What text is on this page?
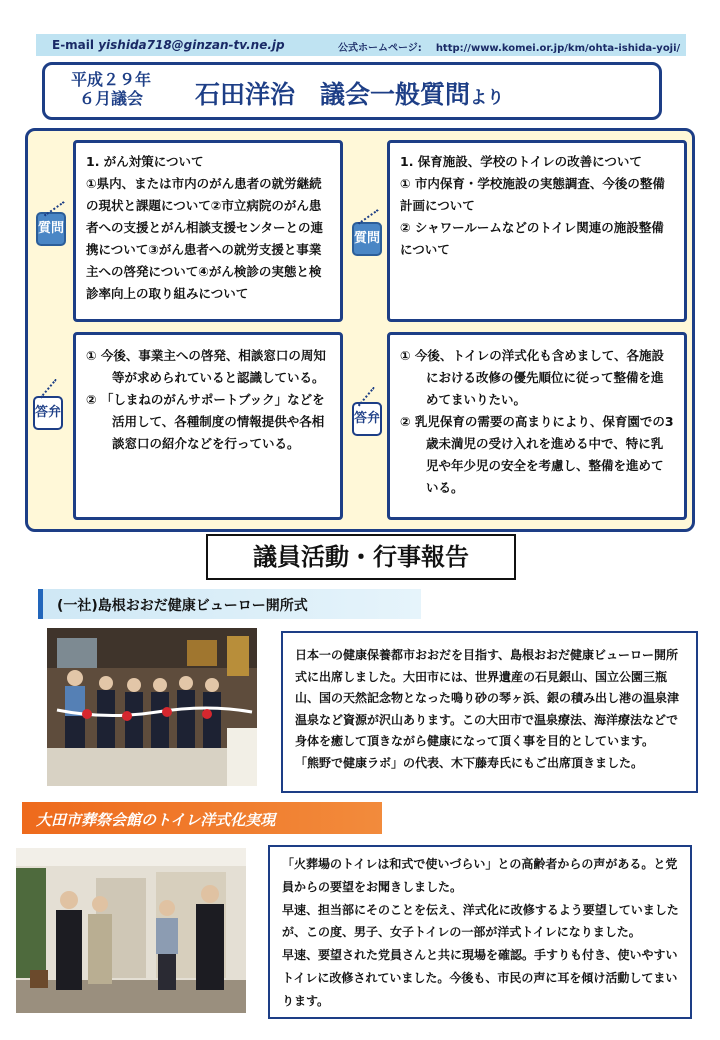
E-mail yishida718@ginzan-tv.ne.jp	公式ホームページ: http://www.komei.or.jp/km/ohta-ishida-yoji/
平成２９年
６月議会	石田洋治　議会一般質問より
質問
質問
答弁	答弁

1. がん対策について

①県内、または市内のがん患者の就労継続の現状と課題について②市立病院のがん患者への支援とがん相談支援センターとの連携について③がん患者への就労支援と事業主への啓発について④がん検診の実態と検診率向上の取り組みについて

1. 保育施設、学校のトイレの改善について

① 市内保育・学校施設の実態調査、今後の整備計画について

② シャワールームなどのトイレ関連の施設整備について

① 今後、事業主への啓発、相談窓口の周知等が求められていると認識している。

② 「しまねのがんサポートブック」などを活用して、各種制度の情報提供や各相談窓口の紹介などを行っている。

① 今後、トイレの洋式化も含めまして、各施設における改修の優先順位に従って整備を進めてまいりたい。

② 乳児保育の需要の高まりにより、保育園での3歳未満児の受け入れを進める中で、特に乳児や年少児の安全を考慮し、整備を進めている。

議員活動・行事報告
(一社)島根おおだ健康ビューロー開所式

日本一の健康保養都市おおだを目指す、島根おおだ健康ビューロー開所式に出席しました。大田市には、世界遺産の石見銀山、国立公園三瓶山、国の天然記念物となった鳴り砂の琴ヶ浜、銀の積み出し港の温泉津温泉など資源が沢山あります。この大田市で温泉療法、海洋療法などで身体を癒して頂きながら健康になって頂く事を目的としています。

「熊野で健康ラボ」の代表、木下藤寿氏にもご出席頂きました。

大田市葬祭会館のトイレ洋式化実現

「火葬場のトイレは和式で使いづらい」との高齢者からの声がある。と党員からの要望をお聞きしました。

早速、担当部にそのことを伝え、洋式化に改修するよう要望していましたが、この度、男子、女子トイレの一部が洋式トイレになりました。

早速、要望された党員さんと共に現場を確認。手すりも付き、使いやすいトイレに改修されていました。今後も、市民の声に耳を傾け活動してまいります。
